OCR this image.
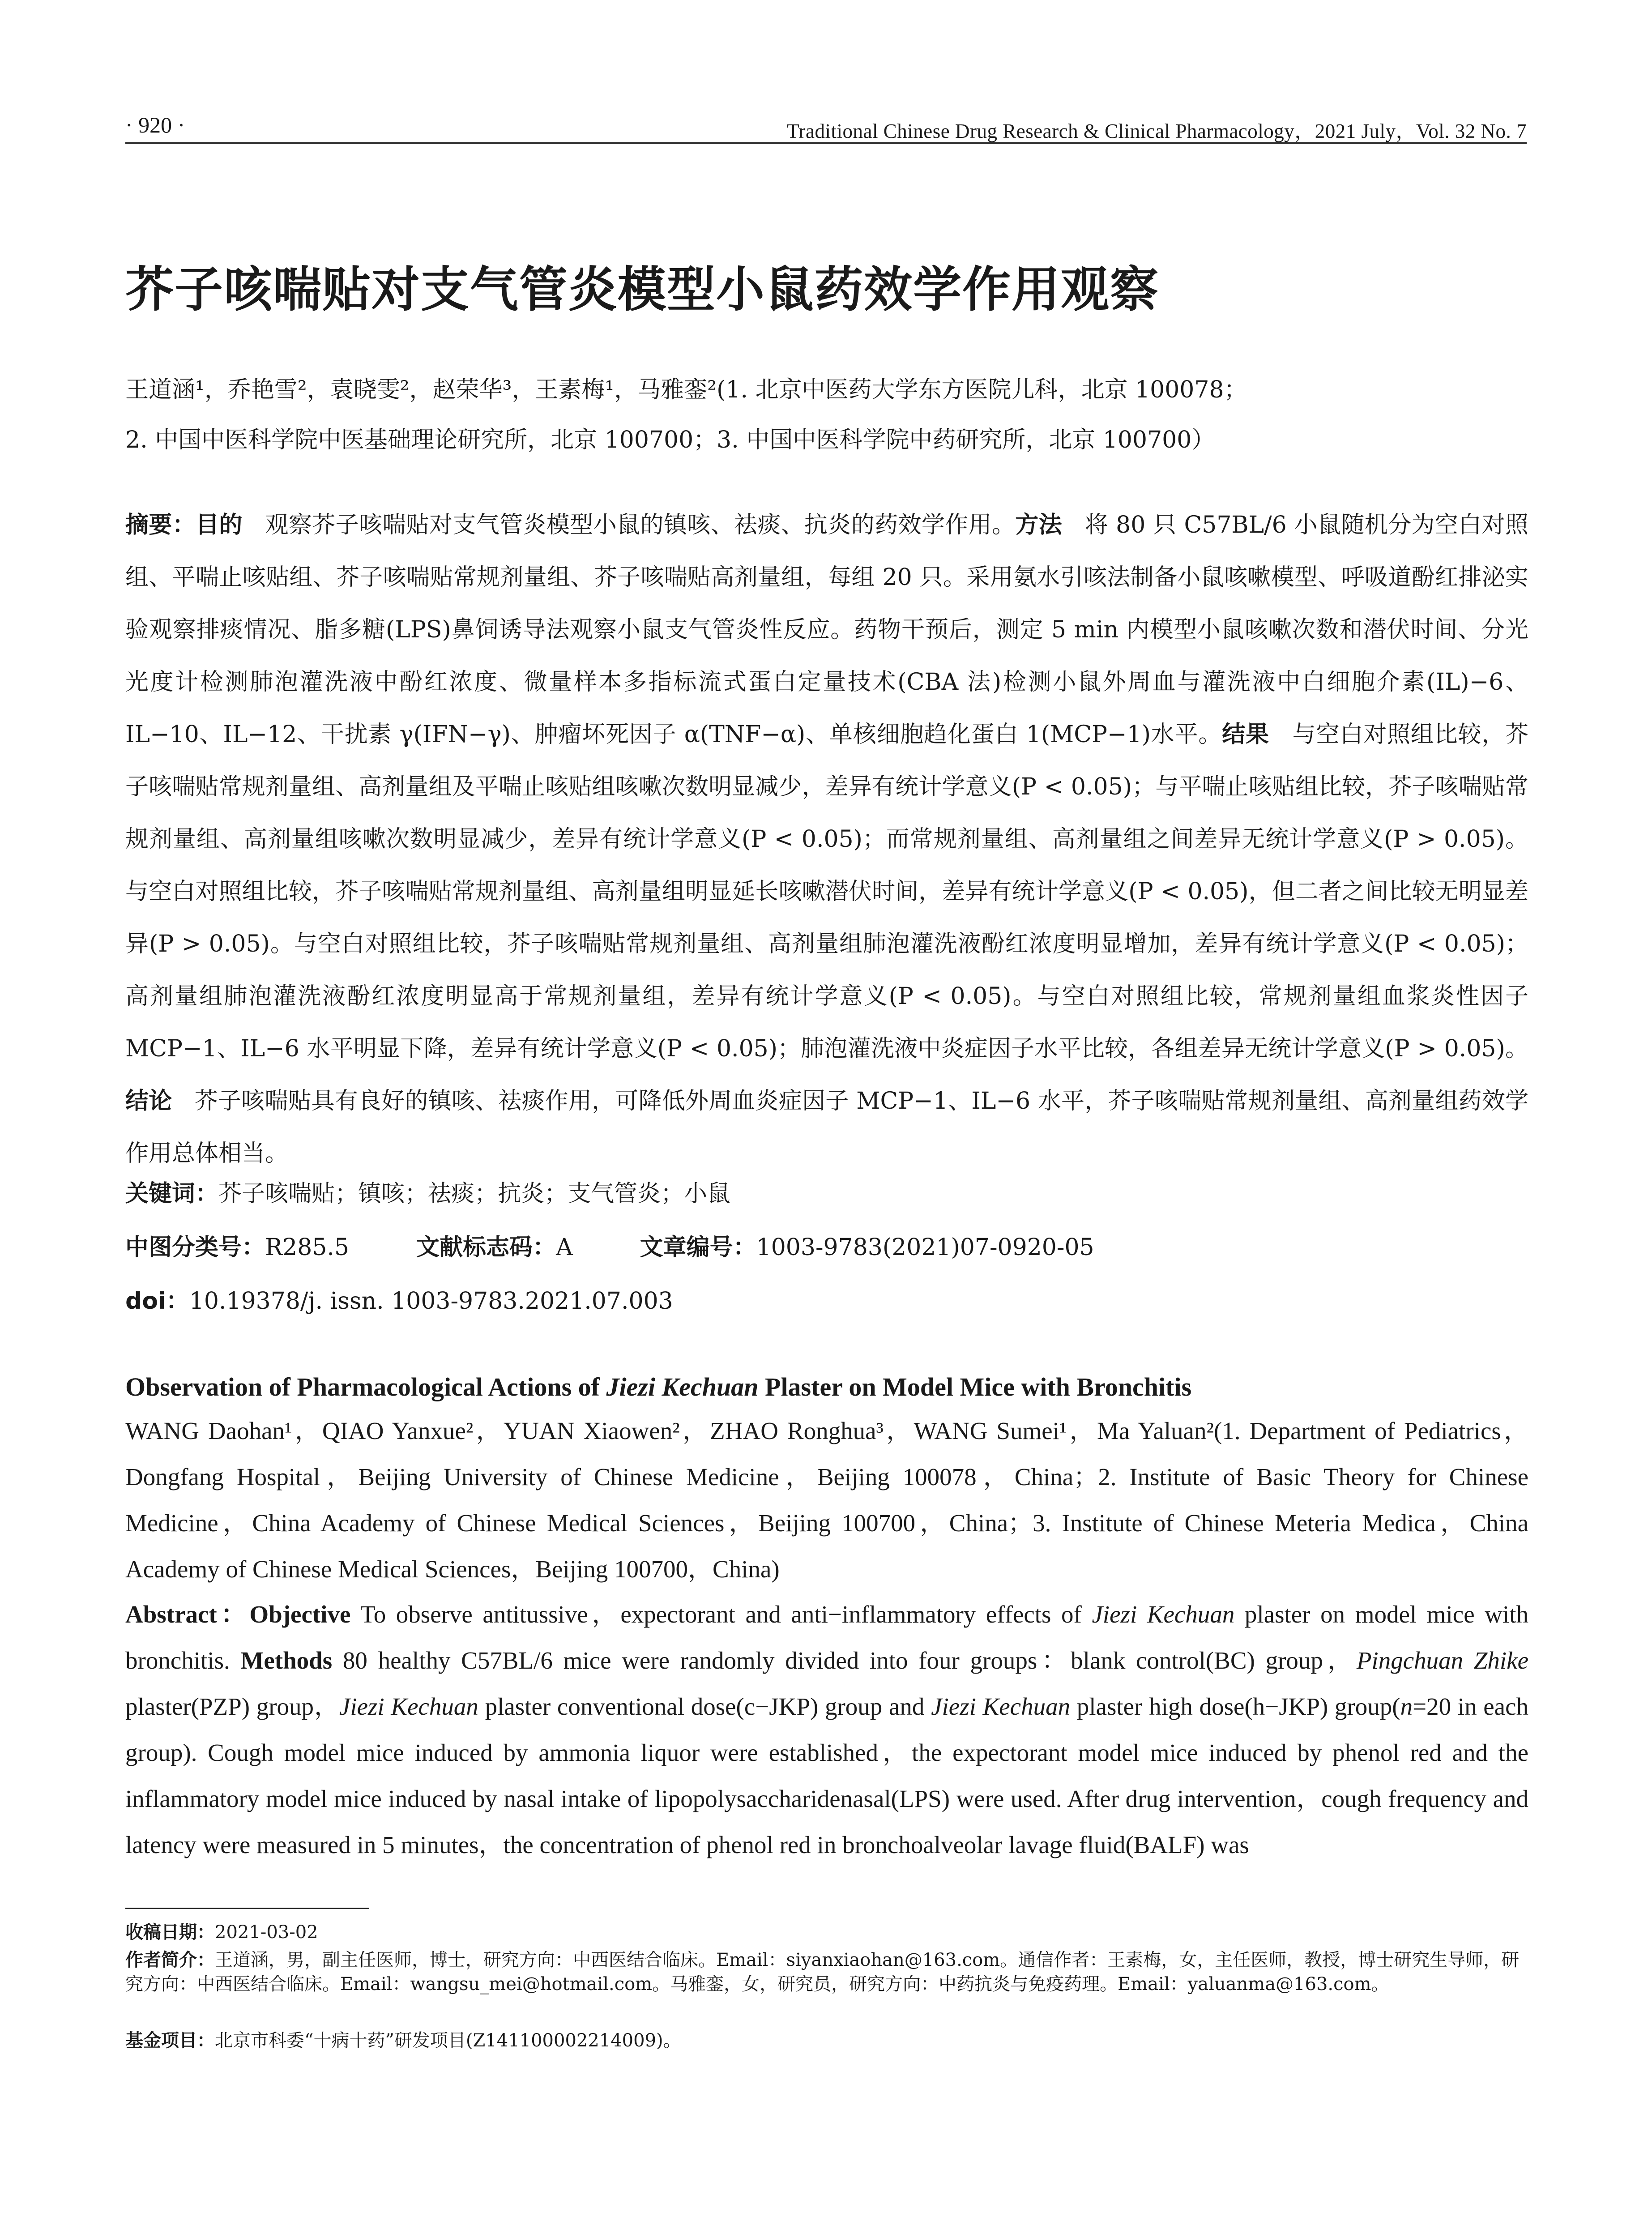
· 920 ·	Traditional Chinese Drug Research & Clinical Pharmacology，2021 July，Vol. 32 No. 7
芥子咳喘贴对支气管炎模型小鼠药效学作用观察
王道涵¹，乔艳雪²，袁晓雯²，赵荣华³，王素梅¹，马雅銮²(1. 北京中医药大学东方医院儿科，北京 100078；
2. 中国中医科学院中医基础理论研究所，北京 100700；3. 中国中医科学院中药研究所，北京 100700）
摘要：目的 观察芥子咳喘贴对支气管炎模型小鼠的镇咳、祛痰、抗炎的药效学作用。方法 将 80 只 C57BL/6 小鼠随机分为空白对照组、平喘止咳贴组、芥子咳喘贴常规剂量组、芥子咳喘贴高剂量组，每组 20 只。采用氨水引咳法制备小鼠咳嗽模型、呼吸道酚红排泌实验观察排痰情况、脂多糖(LPS)鼻饲诱导法观察小鼠支气管炎性反应。药物干预后，测定 5 min 内模型小鼠咳嗽次数和潜伏时间、分光光度计检测肺泡灌洗液中酚红浓度、微量样本多指标流式蛋白定量技术(CBA 法)检测小鼠外周血与灌洗液中白细胞介素(IL)−6、IL−10、IL−12、干扰素 γ(IFN−γ)、肿瘤坏死因子 α(TNF−α)、单核细胞趋化蛋白 1(MCP−1)水平。结果 与空白对照组比较，芥子咳喘贴常规剂量组、高剂量组及平喘止咳贴组咳嗽次数明显减少，差异有统计学意义(P < 0.05)；与平喘止咳贴组比较，芥子咳喘贴常规剂量组、高剂量组咳嗽次数明显减少，差异有统计学意义(P < 0.05)；而常规剂量组、高剂量组之间差异无统计学意义(P > 0.05)。与空白对照组比较，芥子咳喘贴常规剂量组、高剂量组明显延长咳嗽潜伏时间，差异有统计学意义(P < 0.05)，但二者之间比较无明显差异(P > 0.05)。与空白对照组比较，芥子咳喘贴常规剂量组、高剂量组肺泡灌洗液酚红浓度明显增加，差异有统计学意义(P < 0.05)；高剂量组肺泡灌洗液酚红浓度明显高于常规剂量组，差异有统计学意义(P < 0.05)。与空白对照组比较，常规剂量组血浆炎性因子 MCP−1、IL−6 水平明显下降，差异有统计学意义(P < 0.05)；肺泡灌洗液中炎症因子水平比较，各组差异无统计学意义(P > 0.05)。结论 芥子咳喘贴具有良好的镇咳、祛痰作用，可降低外周血炎症因子 MCP−1、IL−6 水平，芥子咳喘贴常规剂量组、高剂量组药效学作用总体相当。
关键词：芥子咳喘贴；镇咳；祛痰；抗炎；支气管炎；小鼠
中图分类号：R285.5	文献标志码：A	文章编号：1003-9783(2021)07-0920-05
doi：10.19378/j. issn. 1003-9783.2021.07.003
Observation of Pharmacological Actions of Jiezi Kechuan Plaster on Model Mice with Bronchitis
WANG Daohan¹，QIAO Yanxue²，YUAN Xiaowen²，ZHAO Ronghua³，WANG Sumei¹，Ma Yaluan²(1. Department of Pediatrics，Dongfang Hospital，Beijing University of Chinese Medicine，Beijing 100078，China；2. Institute of Basic Theory for Chinese Medicine，China Academy of Chinese Medical Sciences，Beijing 100700，China；3. Institute of Chinese Meteria Medica，China Academy of Chinese Medical Sciences，Beijing 100700，China)
Abstract：Objective To observe antitussive，expectorant and anti−inflammatory effects of Jiezi Kechuan plaster on model mice with bronchitis. Methods 80 healthy C57BL/6 mice were randomly divided into four groups：blank control(BC) group，Pingchuan Zhike plaster(PZP) group，Jiezi Kechuan plaster conventional dose(c−JKP) group and Jiezi Kechuan plaster high dose(h−JKP) group(n=20 in each group). Cough model mice induced by ammonia liquor were established，the expectorant model mice induced by phenol red and the inflammatory model mice induced by nasal intake of lipopolysaccharidenasal(LPS) were used. After drug intervention，cough frequency and latency were measured in 5 minutes，the concentration of phenol red in bronchoalveolar lavage fluid(BALF) was
收稿日期：2021-03-02
作者简介：王道涵，男，副主任医师，博士，研究方向：中西医结合临床。Email：siyanxiaohan@163.com。通信作者：王素梅，女，主任医师，教授，博士研究生导师，研究方向：中西医结合临床。Email：wangsu_mei@hotmail.com。马雅銮，女，研究员，研究方向：中药抗炎与免疫药理。Email：yaluanma@163.com。
基金项目：北京市科委“十病十药”研发项目(Z141100002214009)。
